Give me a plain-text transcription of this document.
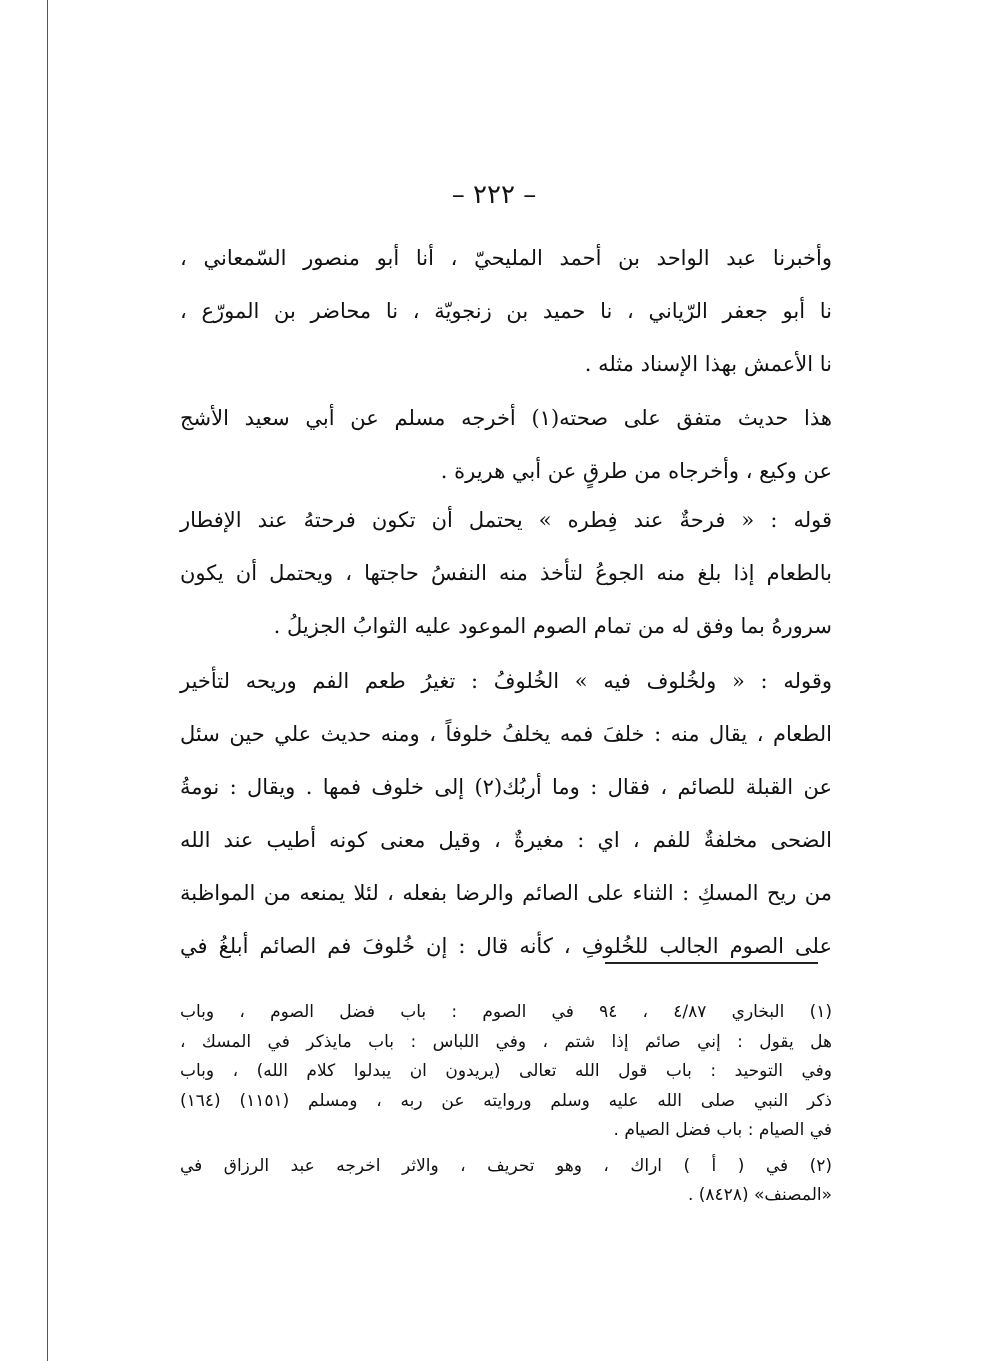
– ٢٢٢ –

وأخبرنا عبد الواحد بن أحمد المليحيّ ، أنا أبو منصور السّمعاني ،
نا أبو جعفر الرّياني ، نا حميد بن زنجويّة ، نا محاضر بن المورّع ،
نا الأعمش بهذا الإسناد مثله .

هذا حديث متفق على صحته(١) أخرجه مسلم عن أبي سعيد الأشج
عن وكيع ، وأخرجاه من طرقٍ عن أبي هريرة .

قوله : « فرحةٌ عند فِطره » يحتمل أن تكون فرحتهُ عند الإفطار
بالطعام إذا بلغ منه الجوعُ لتأخذ منه النفسُ حاجتها ، ويحتمل أن يكون
سرورهُ بما وفق له من تمام الصوم الموعود عليه الثوابُ الجزيلُ .

وقوله : « ولخُلوف فيه » الخُلوفُ : تغيرُ طعم الفم وريحه لتأخير
الطعام ، يقال منه : خلفَ فمه يخلفُ خلوفاً ، ومنه حديث علي حين سئل
عن القبلة للصائم ، فقال : وما أربُك(٢) إلى خلوف فمها . ويقال : نومةُ
الضحى مخلفةٌ للفم ، اي : مغيرةٌ ، وقيل معنى كونه أطيب عند الله
من ريح المسكِ : الثناء على الصائم والرضا بفعله ، لئلا يمنعه من المواظبة
على الصوم الجالب للخُلوفِ ، كأنه قال : إن خُلوفَ فم الصائم أبلغُ في

(١) البخاري ٤/٨٧ ، ٩٤ في الصوم : باب فضل الصوم ، وباب
هل يقول : إني صائم إذا شتم ، وفي اللباس : باب مايذكر في المسك ،
وفي التوحيد : باب قول الله تعالى (يريدون ان يبدلوا كلام الله) ، وباب
ذكر النبي صلى الله عليه وسلم وروايته عن ربه ، ومسلم (١١٥١) (١٦٤)
في الصيام : باب فضل الصيام .
(٢) في ( أ ) اراك ، وهو تحريف ، والاثر اخرجه عبد الرزاق في
«المصنف» (٨٤٢٨) .
